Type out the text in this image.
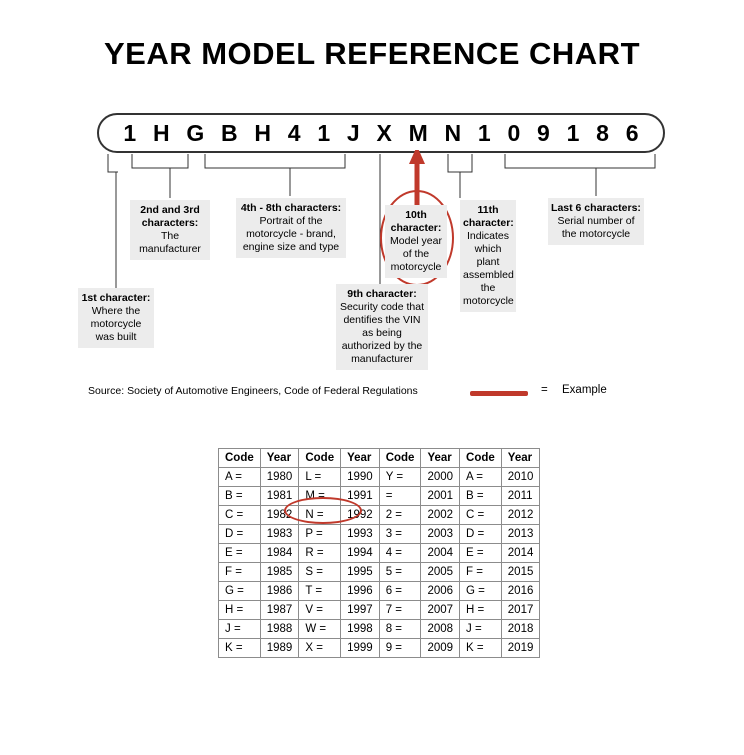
YEAR MODEL REFERENCE CHART
1 H G B H 4 1 J X M N 1 0 9 1 8 6
1st character:
Where the motorcycle was built
2nd and 3rd characters:
The manufacturer
4th - 8th characters:
Portrait of the motorcycle - brand, engine size and type
9th character:
Security code that dentifies the VIN as being authorized by the manufacturer
10th character:
Model year of the motorcycle
11th character:
Indicates which plant assembled the motorcycle
Last 6 characters:
Serial number of the motorcycle
Source: Society of Automotive Engineers, Code of Federal Regulations	= Example
Code	Year	Code	Year	Code	Year	Code	Year
A =	1980	L =	1990	Y =	2000	A =	2010
B =	1981	M =	1991	=	2001	B =	2011
C =	1982	N =	1992	2 =	2002	C =	2012
D =	1983	P =	1993	3 =	2003	D =	2013
E =	1984	R =	1994	4 =	2004	E =	2014
F =	1985	S =	1995	5 =	2005	F =	2015
G =	1986	T =	1996	6 =	2006	G =	2016
H =	1987	V =	1997	7 =	2007	H =	2017
J =	1988	W =	1998	8 =	2008	J =	2018
K =	1989	X =	1999	9 =	2009	K =	2019
